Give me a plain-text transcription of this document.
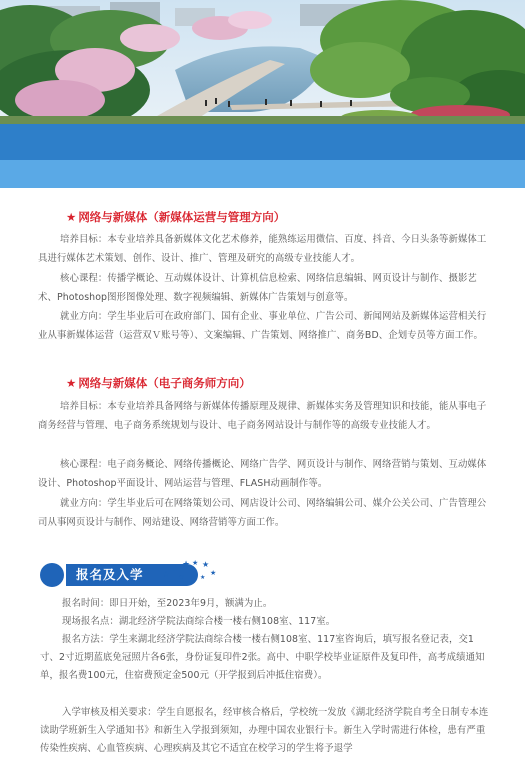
★ 网络与新媒体（新媒体运营与管理方向）
培养目标：本专业培养具备新媒体文化艺术修养，能熟练运用微信、百度、抖音、今日头条等新媒体工具进行媒体艺术策划、创作、设计、推广、管理及研究的高级专业技能人才。
核心课程：传播学概论、互动媒体设计、计算机信息检索、网络信息编辑、网页设计与制作、摄影艺术、Photoshop图形图像处理、数字视频编辑、新媒体广告策划与创意等。
就业方向：学生毕业后可在政府部门、国有企业、事业单位、广告公司、新闻网站及新媒体运营相关行业从事新媒体运营（运营双Ｖ账号等）、文案编辑、广告策划、网络推广、商务BD、企划专员等方面工作。
★ 网络与新媒体（电子商务师方向）
培养目标：本专业培养具备网络与新媒体传播原理及规律、新媒体实务及管理知识和技能，能从事电子商务经营与管理、电子商务系统规划与设计、电子商务网站设计与制作等的高级专业技能人才。
核心课程：电子商务概论、网络传播概论、网络广告学、网页设计与制作、网络营销与策划、互动媒体设计、Photoshop平面设计、网站运营与管理、FLASH动画制作等。
就业方向：学生毕业后可在网络策划公司、网店设计公司、网络编辑公司、媒介公关公司、广告管理公司从事网页设计与制作、网站建设、网络营销等方面工作。
报名及入学 ★
★ ★ ★ ★
★ ★ ★
★
报名时间：即日开始，至2023年9月，额满为止。
现场报名点：湖北经济学院法商综合楼一楼右侧108室、117室。
报名方法：学生来湖北经济学院法商综合楼一楼右侧108室、117室咨询后，填写报名登记表，交1寸、2寸近期蓝底免冠照片各6张，身份证复印件2张。高中、中职学校毕业证原件及复印件，高考成绩通知单，报名费100元，住宿费预定金500元（开学报到后冲抵住宿费）。
入学审核及相关要求：学生自愿报名，经审核合格后，学校统一发放《湖北经济学院自考全日制专本连读助学班新生入学通知书》和新生入学报到须知，办理中国农业银行卡。新生入学时需进行体检，患有严重传染性疾病、心血管疾病、心理疾病及其它不适宜在校学习的学生将予退学
